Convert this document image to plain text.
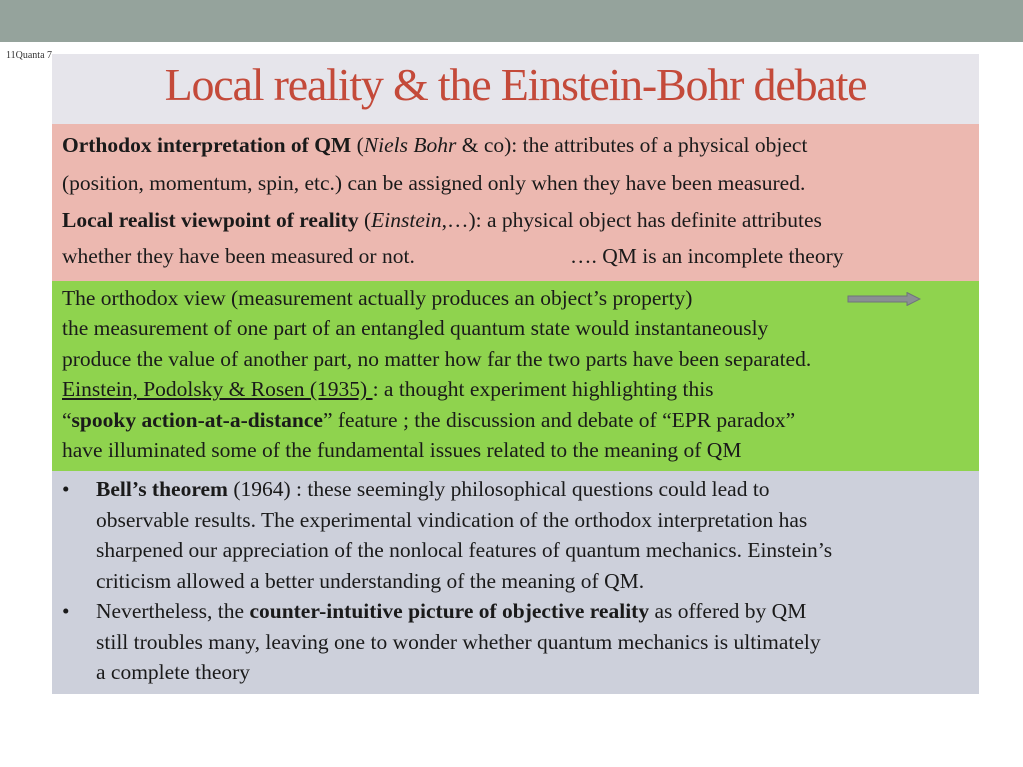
11Quanta 7
Local reality & the Einstein-Bohr debate

Orthodox interpretation of QM (Niels Bohr & co): the attributes of a physical object

(position, momentum, spin, etc.) can be assigned only when they have been measured.

Local realist viewpoint of reality (Einstein,…): a physical object has definite attributes

whether they have been measured or not.	…. QM is an incomplete theory

The orthodox view (measurement actually produces an object’s property)
the measurement of one part of an entangled quantum state would instantaneously
produce the value of another part, no matter how far the two parts have been separated.
Einstein, Podolsky & Rosen (1935) : a thought experiment highlighting this
“spooky action-at-a-distance” feature ; the discussion and debate of “EPR paradox”
have illuminated some of the fundamental issues related to the meaning of QM
• Bell’s theorem (1964) : these seemingly philosophical questions could lead to
observable results. The experimental vindication of the orthodox interpretation has
sharpened our appreciation of the nonlocal features of quantum mechanics. Einstein’s
criticism allowed a better understanding of the meaning of QM.
• Nevertheless, the counter-intuitive picture of objective reality as offered by QM
still troubles many, leaving one to wonder whether quantum mechanics is ultimately
a complete theory
